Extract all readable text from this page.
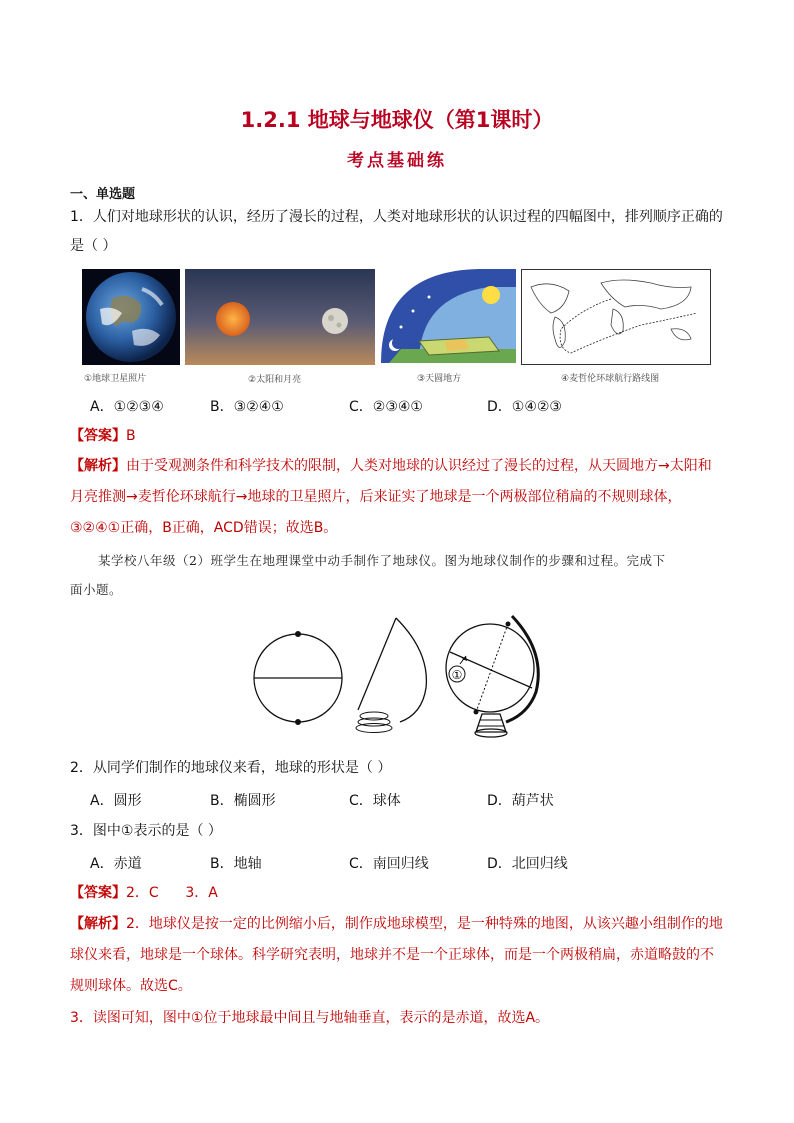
1.2.1 地球与地球仪（第1课时）
考点基础练
一、单选题
1．人们对地球形状的认识，经历了漫长的过程，人类对地球形状的认识过程的四幅图中，排列顺序正确的
是（ ）
①地球卫星照片	②太阳和月亮	③天圆地方	④麦哲伦环球航行路线图
A．①②③④	B．③②④①	C．②③④①	D．①④②③
【答案】B
【解析】由于受观测条件和科学技术的限制，人类对地球的认识经过了漫长的过程，从天圆地方→太阳和
月亮推测→麦哲伦环球航行→地球的卫星照片，后来证实了地球是一个两极部位稍扁的不规则球体，
③②④①正确，B正确，ACD错误；故选B。
某学校八年级（2）班学生在地理课堂中动手制作了地球仪。图为地球仪制作的步骤和过程。完成下
面小题。
①
2．从同学们制作的地球仪来看，地球的形状是（ ）
A．圆形	B．椭圆形	C．球体	D．葫芦状
3．图中①表示的是（ ）
A．赤道	B．地轴	C．南回归线	D．北回归线
【答案】2．C      3．A
【解析】2．地球仪是按一定的比例缩小后，制作成地球模型，是一种特殊的地图，从该兴趣小组制作的地
球仪来看，地球是一个球体。科学研究表明，地球并不是一个正球体，而是一个两极稍扁，赤道略鼓的不
规则球体。故选C。
3．读图可知，图中①位于地球最中间且与地轴垂直，表示的是赤道，故选A。
